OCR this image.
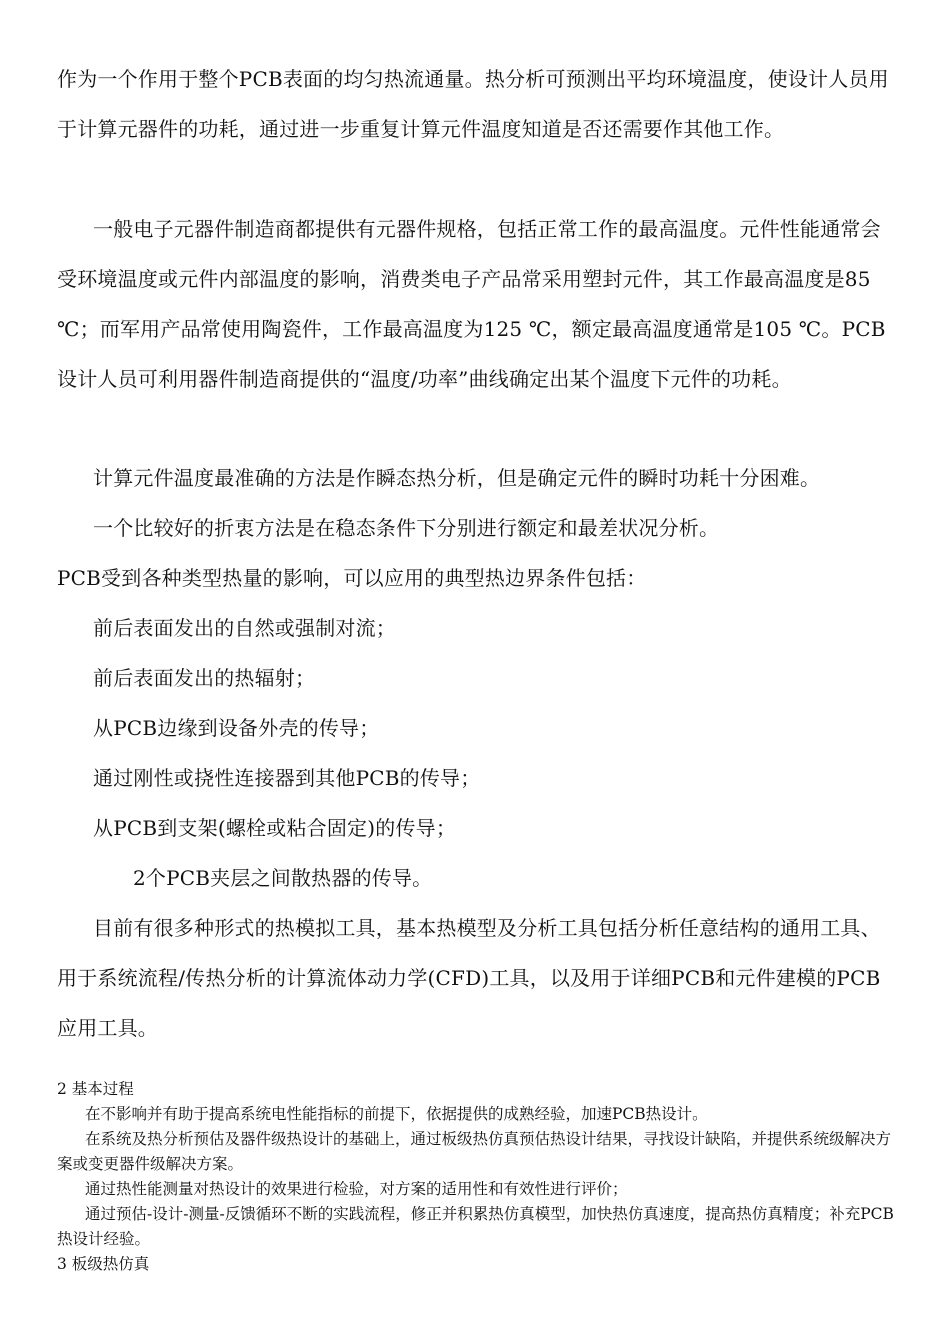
作为一个作用于整个PCB表面的均匀热流通量。热分析可预测出平均环境温度，使设计人员用于计算元器件的功耗，通过进一步重复计算元件温度知道是否还需要作其他工作。
一般电子元器件制造商都提供有元器件规格，包括正常工作的最高温度。元件性能通常会受环境温度或元件内部温度的影响，消费类电子产品常采用塑封元件，其工作最高温度是85 ℃；而军用产品常使用陶瓷件，工作最高温度为125 ℃，额定最高温度通常是105 ℃。PCB设计人员可利用器件制造商提供的“温度/功率”曲线确定出某个温度下元件的功耗。
计算元件温度最准确的方法是作瞬态热分析，但是确定元件的瞬时功耗十分困难。
一个比较好的折衷方法是在稳态条件下分别进行额定和最差状况分析。
PCB受到各种类型热量的影响，可以应用的典型热边界条件包括：
前后表面发出的自然或强制对流；
前后表面发出的热辐射；
从PCB边缘到设备外壳的传导；
通过刚性或挠性连接器到其他PCB的传导；
从PCB到支架(螺栓或粘合固定)的传导；
2个PCB夹层之间散热器的传导。
目前有很多种形式的热模拟工具，基本热模型及分析工具包括分析任意结构的通用工具、用于系统流程/传热分析的计算流体动力学(CFD)工具，以及用于详细PCB和元件建模的PCB应用工具。
2 基本过程
在不影响并有助于提高系统电性能指标的前提下，依据提供的成熟经验，加速PCB热设计。
在系统及热分析预估及器件级热设计的基础上，通过板级热仿真预估热设计结果，寻找设计缺陷，并提供系统级解决方案或变更器件级解决方案。
通过热性能测量对热设计的效果进行检验，对方案的适用性和有效性进行评价；
通过预估-设计-测量-反馈循环不断的实践流程，修正并积累热仿真模型，加快热仿真速度，提高热仿真精度；补充PCB热设计经验。
3 板级热仿真
